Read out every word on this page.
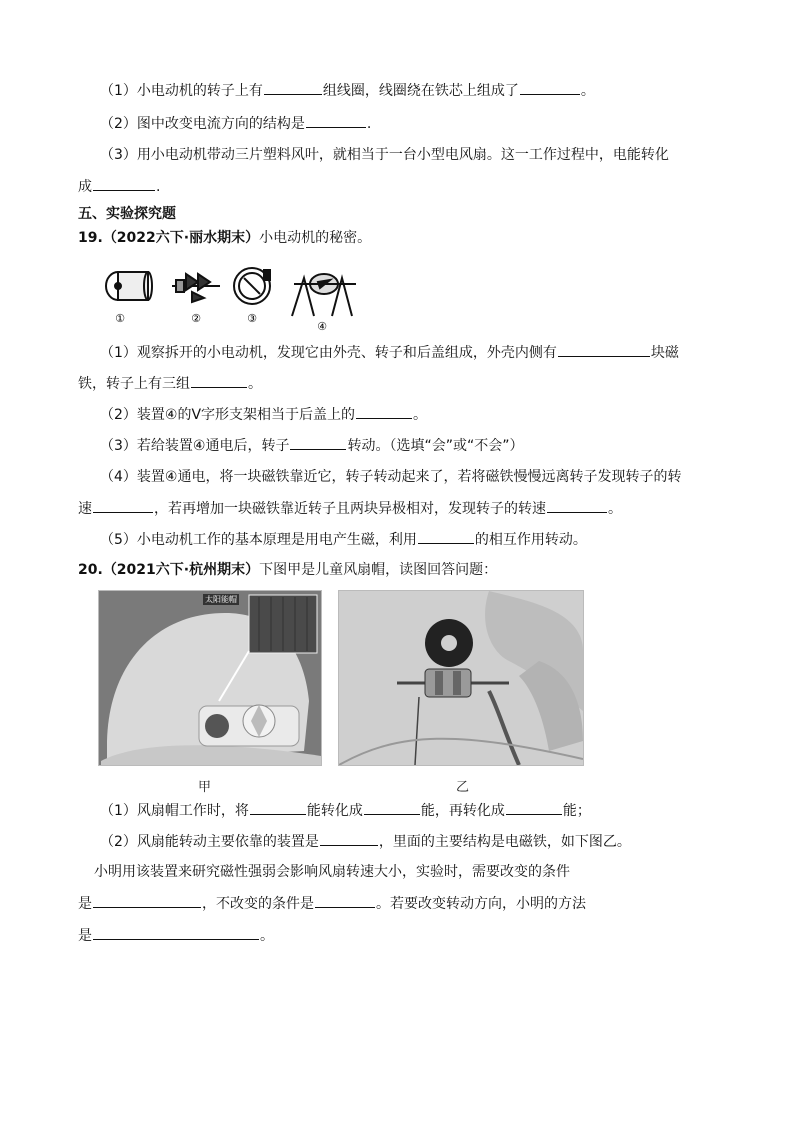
（1）小电动机的转子上有	组线圈，线圈绕在铁芯上组成了	。
（2）图中改变电流方向的结构是	.
（3）用小电动机带动三片塑料风叶，就相当于一台小型电风扇。这一工作过程中，电能转化
成	.
五、实验探究题
19.（2022六下·丽水期末）小电动机的秘密。
①	②	③
④
（1）观察拆开的小电动机，发现它由外壳、转子和后盖组成，外壳内侧有	块磁
铁，转子上有三组	。
（2）装置④的V字形支架相当于后盖上的	。
（3）若给装置④通电后，转子	转动。（选填“会”或“不会”）
（4）装置④通电，将一块磁铁靠近它，转子转动起来了，若将磁铁慢慢远离转子发现转子的转
速	，若再增加一块磁铁靠近转子且两块异极相对，发现转子的转速	。
（5）小电动机工作的基本原理是用电产生磁，利用	的相互作用转动。
20.（2021六下·杭州期末）下图甲是儿童风扇帽，读图回答问题：
太阳能帽
甲	乙
（1）风扇帽工作时，将	能转化成	能，再转化成	能；
（2）风扇能转动主要依靠的装置是	，里面的主要结构是电磁铁，如下图乙。
小明用该装置来研究磁性强弱会影响风扇转速大小，实验时，需要改变的条件
是	，不改变的条件是	。若要改变转动方向，小明的方法
是	。
